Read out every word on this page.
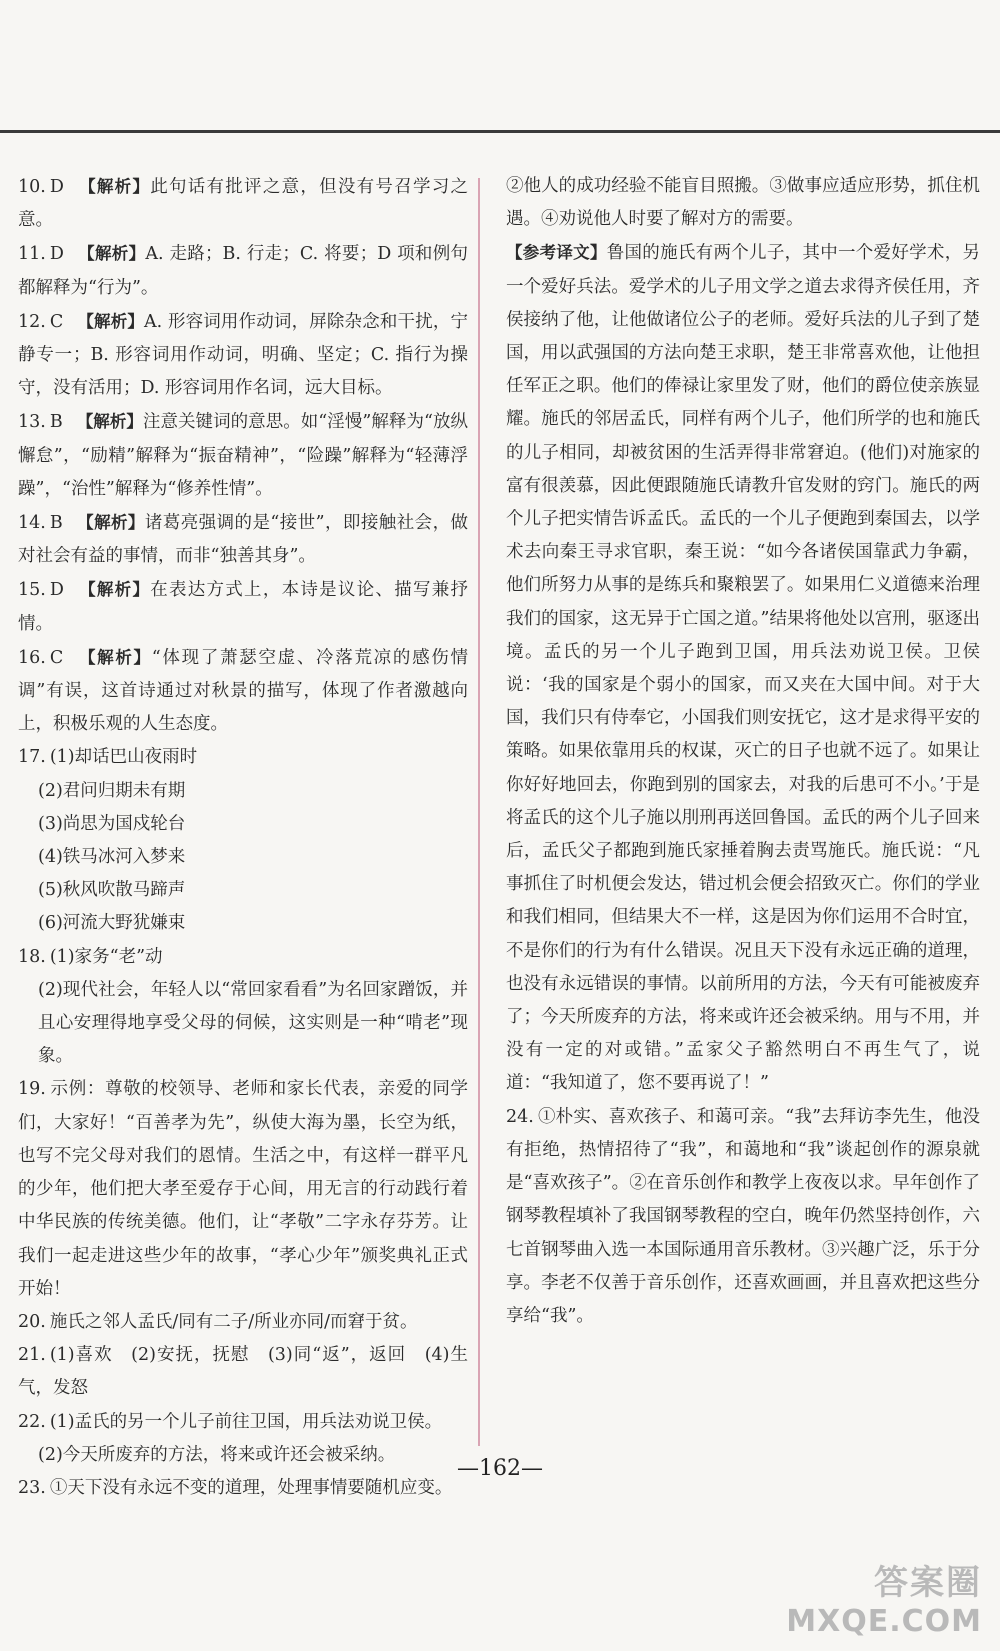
10. D 【解析】此句话有批评之意，但没有号召学习之意。

11. D 【解析】A. 走路；B. 行走；C. 将要；D 项和例句都解释为“行为”。

12. C 【解析】A. 形容词用作动词，屏除杂念和干扰，宁静专一；B. 形容词用作动词，明确、坚定；C. 指行为操守，没有活用；D. 形容词用作名词，远大目标。

13. B 【解析】注意关键词的意思。如“淫慢”解释为“放纵懈怠”，“励精”解释为“振奋精神”，“险躁”解释为“轻薄浮躁”，“治性”解释为“修养性情”。

14. B 【解析】诸葛亮强调的是“接世”，即接触社会，做对社会有益的事情，而非“独善其身”。

15. D 【解析】在表达方式上，本诗是议论、描写兼抒情。

16. C 【解析】“体现了萧瑟空虚、冷落荒凉的感伤情调”有误，这首诗通过对秋景的描写，体现了作者激越向上，积极乐观的人生态度。

17. (1)却话巴山夜雨时

(2)君问归期未有期

(3)尚思为国戍轮台

(4)铁马冰河入梦来

(5)秋风吹散马蹄声

(6)河流大野犹嫌束

18. (1)家务“老”动

(2)现代社会，年轻人以“常回家看看”为名回家蹭饭，并且心安理得地享受父母的伺候，这实则是一种“啃老”现象。

19. 示例：尊敬的校领导、老师和家长代表，亲爱的同学们，大家好！“百善孝为先”，纵使大海为墨，长空为纸，也写不完父母对我们的恩情。生活之中，有这样一群平凡的少年，他们把大孝至爱存于心间，用无言的行动践行着中华民族的传统美德。他们，让“孝敬”二字永存芬芳。让我们一起走进这些少年的故事，“孝心少年”颁奖典礼正式开始！

20. 施氏之邻人孟氏/同有二子/所业亦同/而窘于贫。

21. (1)喜欢　(2)安抚，抚慰　(3)同“返”，返回　(4)生气，发怒

22. (1)孟氏的另一个儿子前往卫国，用兵法劝说卫侯。

(2)今天所废弃的方法，将来或许还会被采纳。

23. ①天下没有永远不变的道理，处理事情要随机应变。

②他人的成功经验不能盲目照搬。③做事应适应形势，抓住机遇。④劝说他人时要了解对方的需要。

【参考译文】鲁国的施氏有两个儿子，其中一个爱好学术，另一个爱好兵法。爱学术的儿子用文学之道去求得齐侯任用，齐侯接纳了他，让他做诸位公子的老师。爱好兵法的儿子到了楚国，用以武强国的方法向楚王求职，楚王非常喜欢他，让他担任军正之职。他们的俸禄让家里发了财，他们的爵位使亲族显耀。施氏的邻居孟氏，同样有两个儿子，他们所学的也和施氏的儿子相同，却被贫困的生活弄得非常窘迫。(他们)对施家的富有很羡慕，因此便跟随施氏请教升官发财的窍门。施氏的两个儿子把实情告诉孟氏。孟氏的一个儿子便跑到秦国去，以学术去向秦王寻求官职，秦王说：“如今各诸侯国靠武力争霸，他们所努力从事的是练兵和聚粮罢了。如果用仁义道德来治理我们的国家，这无异于亡国之道。”结果将他处以宫刑，驱逐出境。孟氏的另一个儿子跑到卫国，用兵法劝说卫侯。卫侯说：‘我的国家是个弱小的国家，而又夹在大国中间。对于大国，我们只有侍奉它，小国我们则安抚它，这才是求得平安的策略。如果依靠用兵的权谋，灭亡的日子也就不远了。如果让你好好地回去，你跑到别的国家去，对我的后患可不小。’于是将孟氏的这个儿子施以刖刑再送回鲁国。孟氏的两个儿子回来后，孟氏父子都跑到施氏家捶着胸去责骂施氏。施氏说：“凡事抓住了时机便会发达，错过机会便会招致灭亡。你们的学业和我们相同，但结果大不一样，这是因为你们运用不合时宜，不是你们的行为有什么错误。况且天下没有永远正确的道理，也没有永远错误的事情。以前所用的方法，今天有可能被废弃了；今天所废弃的方法，将来或许还会被采纳。用与不用，并没有一定的对或错。”孟家父子豁然明白不再生气了，说道：“我知道了，您不要再说了！”

24. ①朴实、喜欢孩子、和蔼可亲。“我”去拜访李先生，他没有拒绝，热情招待了“我”，和蔼地和“我”谈起创作的源泉就是“喜欢孩子”。②在音乐创作和教学上夜夜以求。早年创作了钢琴教程填补了我国钢琴教程的空白，晚年仍然坚持创作，六七首钢琴曲入选一本国际通用音乐教材。③兴趣广泛，乐于分享。李老不仅善于音乐创作，还喜欢画画，并且喜欢把这些分享给“我”。

—162—
答案圈
MXQE.COM
